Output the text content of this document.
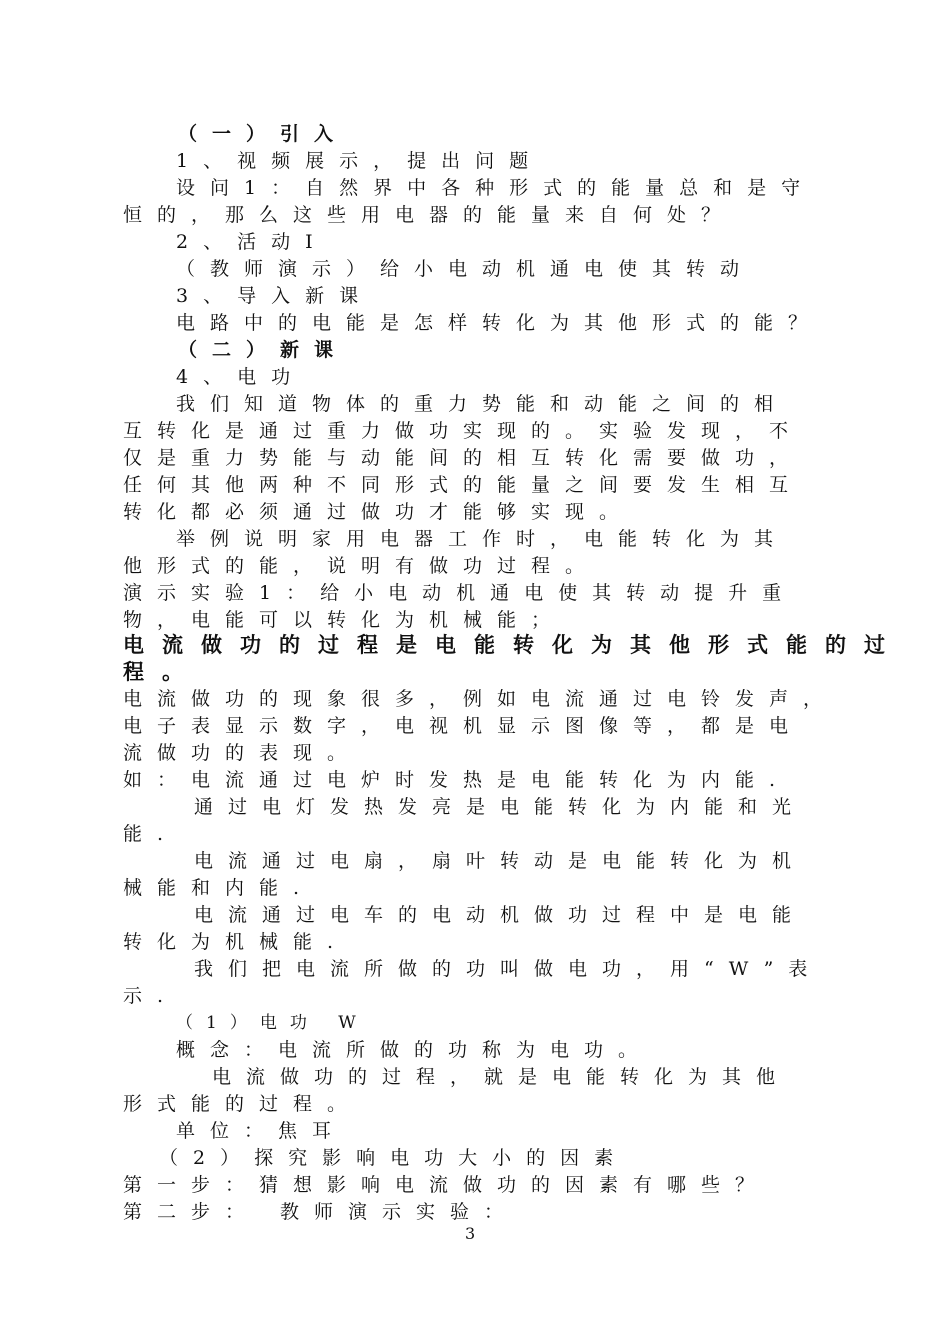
（一）引入
1、视频展示，提出问题
设问1：自然界中各种形式的能量总和是守
恒的，那么这些用电器的能量来自何处？
2、活动Ⅰ
（教师演示）给小电动机通电使其转动
3、导入新课
电路中的电能是怎样转化为其他形式的能？
（二）新课
4、电功
我们知道物体的重力势能和动能之间的相
互转化是通过重力做功实现的。实验发现，不
仅是重力势能与动能间的相互转化需要做功，
任何其他两种不同形式的能量之间要发生相互
转化都必须通过做功才能够实现。
举例说明家用电器工作时，电能转化为其
他形式的能，说明有做功过程。
演示实验1：给小电动机通电使其转动提升重
物，电能可以转化为机械能；
电流做功的过程是电能转化为其他形式能的过
程。
电流做功的现象很多，例如电流通过电铃发声，
电子表显示数字，电视机显示图像等，都是电
流做功的表现。
如：电流通过电炉时发热是电能转化为内能.
通过电灯发热发亮是电能转化为内能和光
能.
电流通过电扇，扇叶转动是电能转化为机
械能和内能.
电流通过电车的电动机做功过程中是电能
转化为机械能.
我们把电流所做的功叫做电功，用“W”表
示.
（1）电功 W
概念：电流所做的功称为电功。
电流做功的过程，就是电能转化为其他
形式能的过程。
单位：焦耳
（2）探究影响电功大小的因素
第一步：猜想影响电流做功的因素有哪些？
第二步： 教师演示实验：
3
